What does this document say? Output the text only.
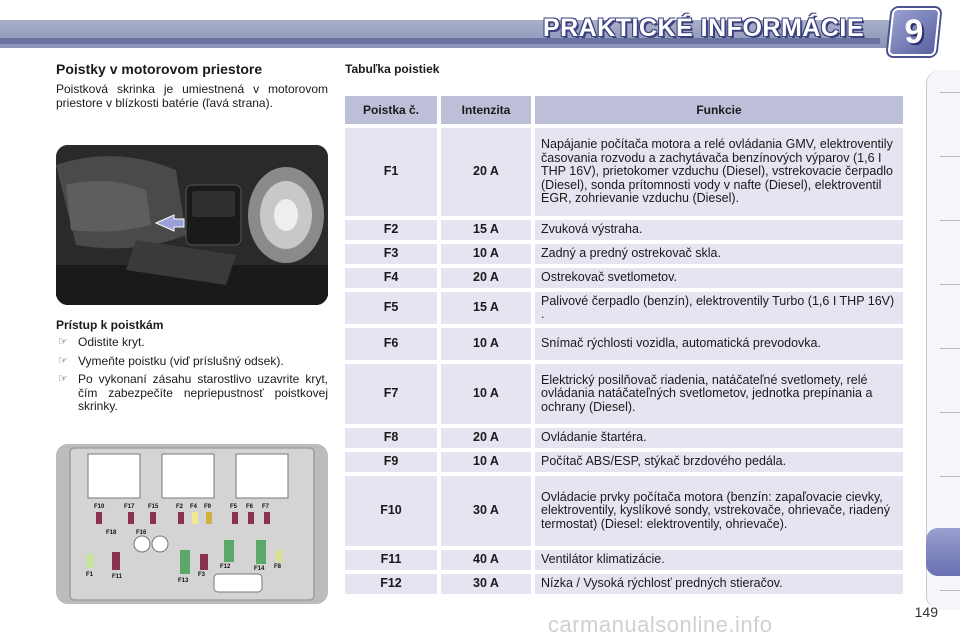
PRAKTICKÉ INFORMÁCIE	9
Poistky v motorovom priestore
Poistková skrinka je umiestnená v motorovom priestore v blízkosti batérie (ľavá strana).
Prístup k poistkám
☞ Odistite kryt.
☞ Vymeňte poistku (viď príslušný odsek).
☞ Po vykonaní zásahu starostlivo uzavrite kryt, čím zabezpečíte nepriepustnosť poistkovej skrinky.
F10	F17 F15	F2 F4 F9	F5 F6 F7
F18	F16
F1	F11
F13
F3
F12	F14 F8
Tabuľka poistiek
Poistka č.		Intenzita		Funkcie
F1		20 A		Napájanie počítača motora a relé ovládania GMV, elektroventily časovania rozvodu a zachytávača benzínových výparov (1,6 I THP 16V), prietokomer vzduchu (Diesel), vstrekovacie čerpadlo (Diesel), sonda prítomnosti vody v nafte (Diesel), elektroventil EGR, zohrievanie vzduchu (Diesel).
F2		15 A		Zvuková výstraha.
F3		10 A		Zadný a predný ostrekovač skla.
F4		20 A		Ostrekovač svetlometov.
F5		15 A		Palivové čerpadlo (benzín), elektroventily Turbo (1,6 I THP 16V) .
F6		10 A		Snímač rýchlosti vozidla, automatická prevodovka.
F7		10 A		Elektrický posilňovač riadenia, natáčateľné svetlomety, relé ovládania natáčateľných svetlometov, jednotka prepínania a ochrany (Diesel).
F8		20 A		Ovládanie štartéra.
F9		10 A		Počítač ABS/ESP, stýkač brzdového pedála.
F10		30 A		Ovládacie prvky počítača motora (benzín: zapaľovacie cievky, elektroventily, kyslíkové sondy, vstrekovače, ohrievače, riadený termostat) (Diesel: elektroventily, ohrievače).
F11		40 A		Ventilátor klimatizácie.
F12		30 A		Nízka / Vysoká rýchlosť predných stieračov.
149
carmanualsonline.info
